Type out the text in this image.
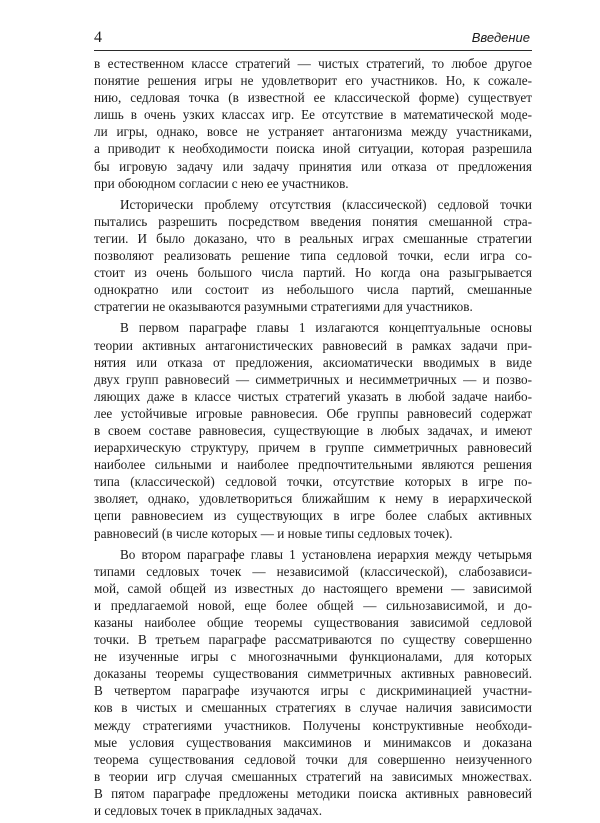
4	Введение

в естественном классе стратегий — чистых стратегий, то любое другое
понятие решения игры не удовлетворит его участников. Но, к сожале-
нию, седловая точка (в известной ее классической форме) существует
лишь в очень узких классах игр. Ее отсутствие в математической моде-
ли игры, однако, вовсе не устраняет антагонизма между участниками,
а приводит к необходимости поиска иной ситуации, которая разрешила
бы игровую задачу или задачу принятия или отказа от предложения
при обоюдном согласии с нею ее участников.

Исторически проблему отсутствия (классической) седловой точки
пытались разрешить посредством введения понятия смешанной стра-
тегии. И было доказано, что в реальных играх смешанные стратегии
позволяют реализовать решение типа седловой точки, если игра со-
стоит из очень большого числа партий. Но когда она разыгрывается
однократно или состоит из небольшого числа партий, смешанные
стратегии не оказываются разумными стратегиями для участников.

В первом параграфе главы 1 излагаются концептуальные основы
теории активных антагонистических равновесий в рамках задачи при-
нятия или отказа от предложения, аксиоматически вводимых в виде
двух групп равновесий — симметричных и несимметричных — и позво-
ляющих даже в классе чистых стратегий указать в любой задаче наибо-
лее устойчивые игровые равновесия. Обе группы равновесий содержат
в своем составе равновесия, существующие в любых задачах, и имеют
иерархическую структуру, причем в группе симметричных равновесий
наиболее сильными и наиболее предпочтительными являются решения
типа (классической) седловой точки, отсутствие которых в игре по-
зволяет, однако, удовлетвориться ближайшим к нему в иерархической
цепи равновесием из существующих в игре более слабых активных
равновесий (в числе которых — и новые типы седловых точек).

Во втором параграфе главы 1 установлена иерархия между четырьмя
типами седловых точек — независимой (классической), слабозависи-
мой, самой общей из известных до настоящего времени — зависимой
и предлагаемой новой, еще более общей — сильнозависимой, и до-
казаны наиболее общие теоремы существования зависимой седловой
точки. В третьем параграфе рассматриваются по существу совершенно
не изученные игры с многозначными функционалами, для которых
доказаны теоремы существования симметричных активных равновесий.
В четвертом параграфе изучаются игры с дискриминацией участни-
ков в чистых и смешанных стратегиях в случае наличия зависимости
между стратегиями участников. Получены конструктивные необходи-
мые условия существования максиминов и минимаксов и доказана
теорема существования седловой точки для совершенно неизученного
в теории игр случая смешанных стратегий на зависимых множествах.
В пятом параграфе предложены методики поиска активных равновесий
и седловых точек в прикладных задачах.
